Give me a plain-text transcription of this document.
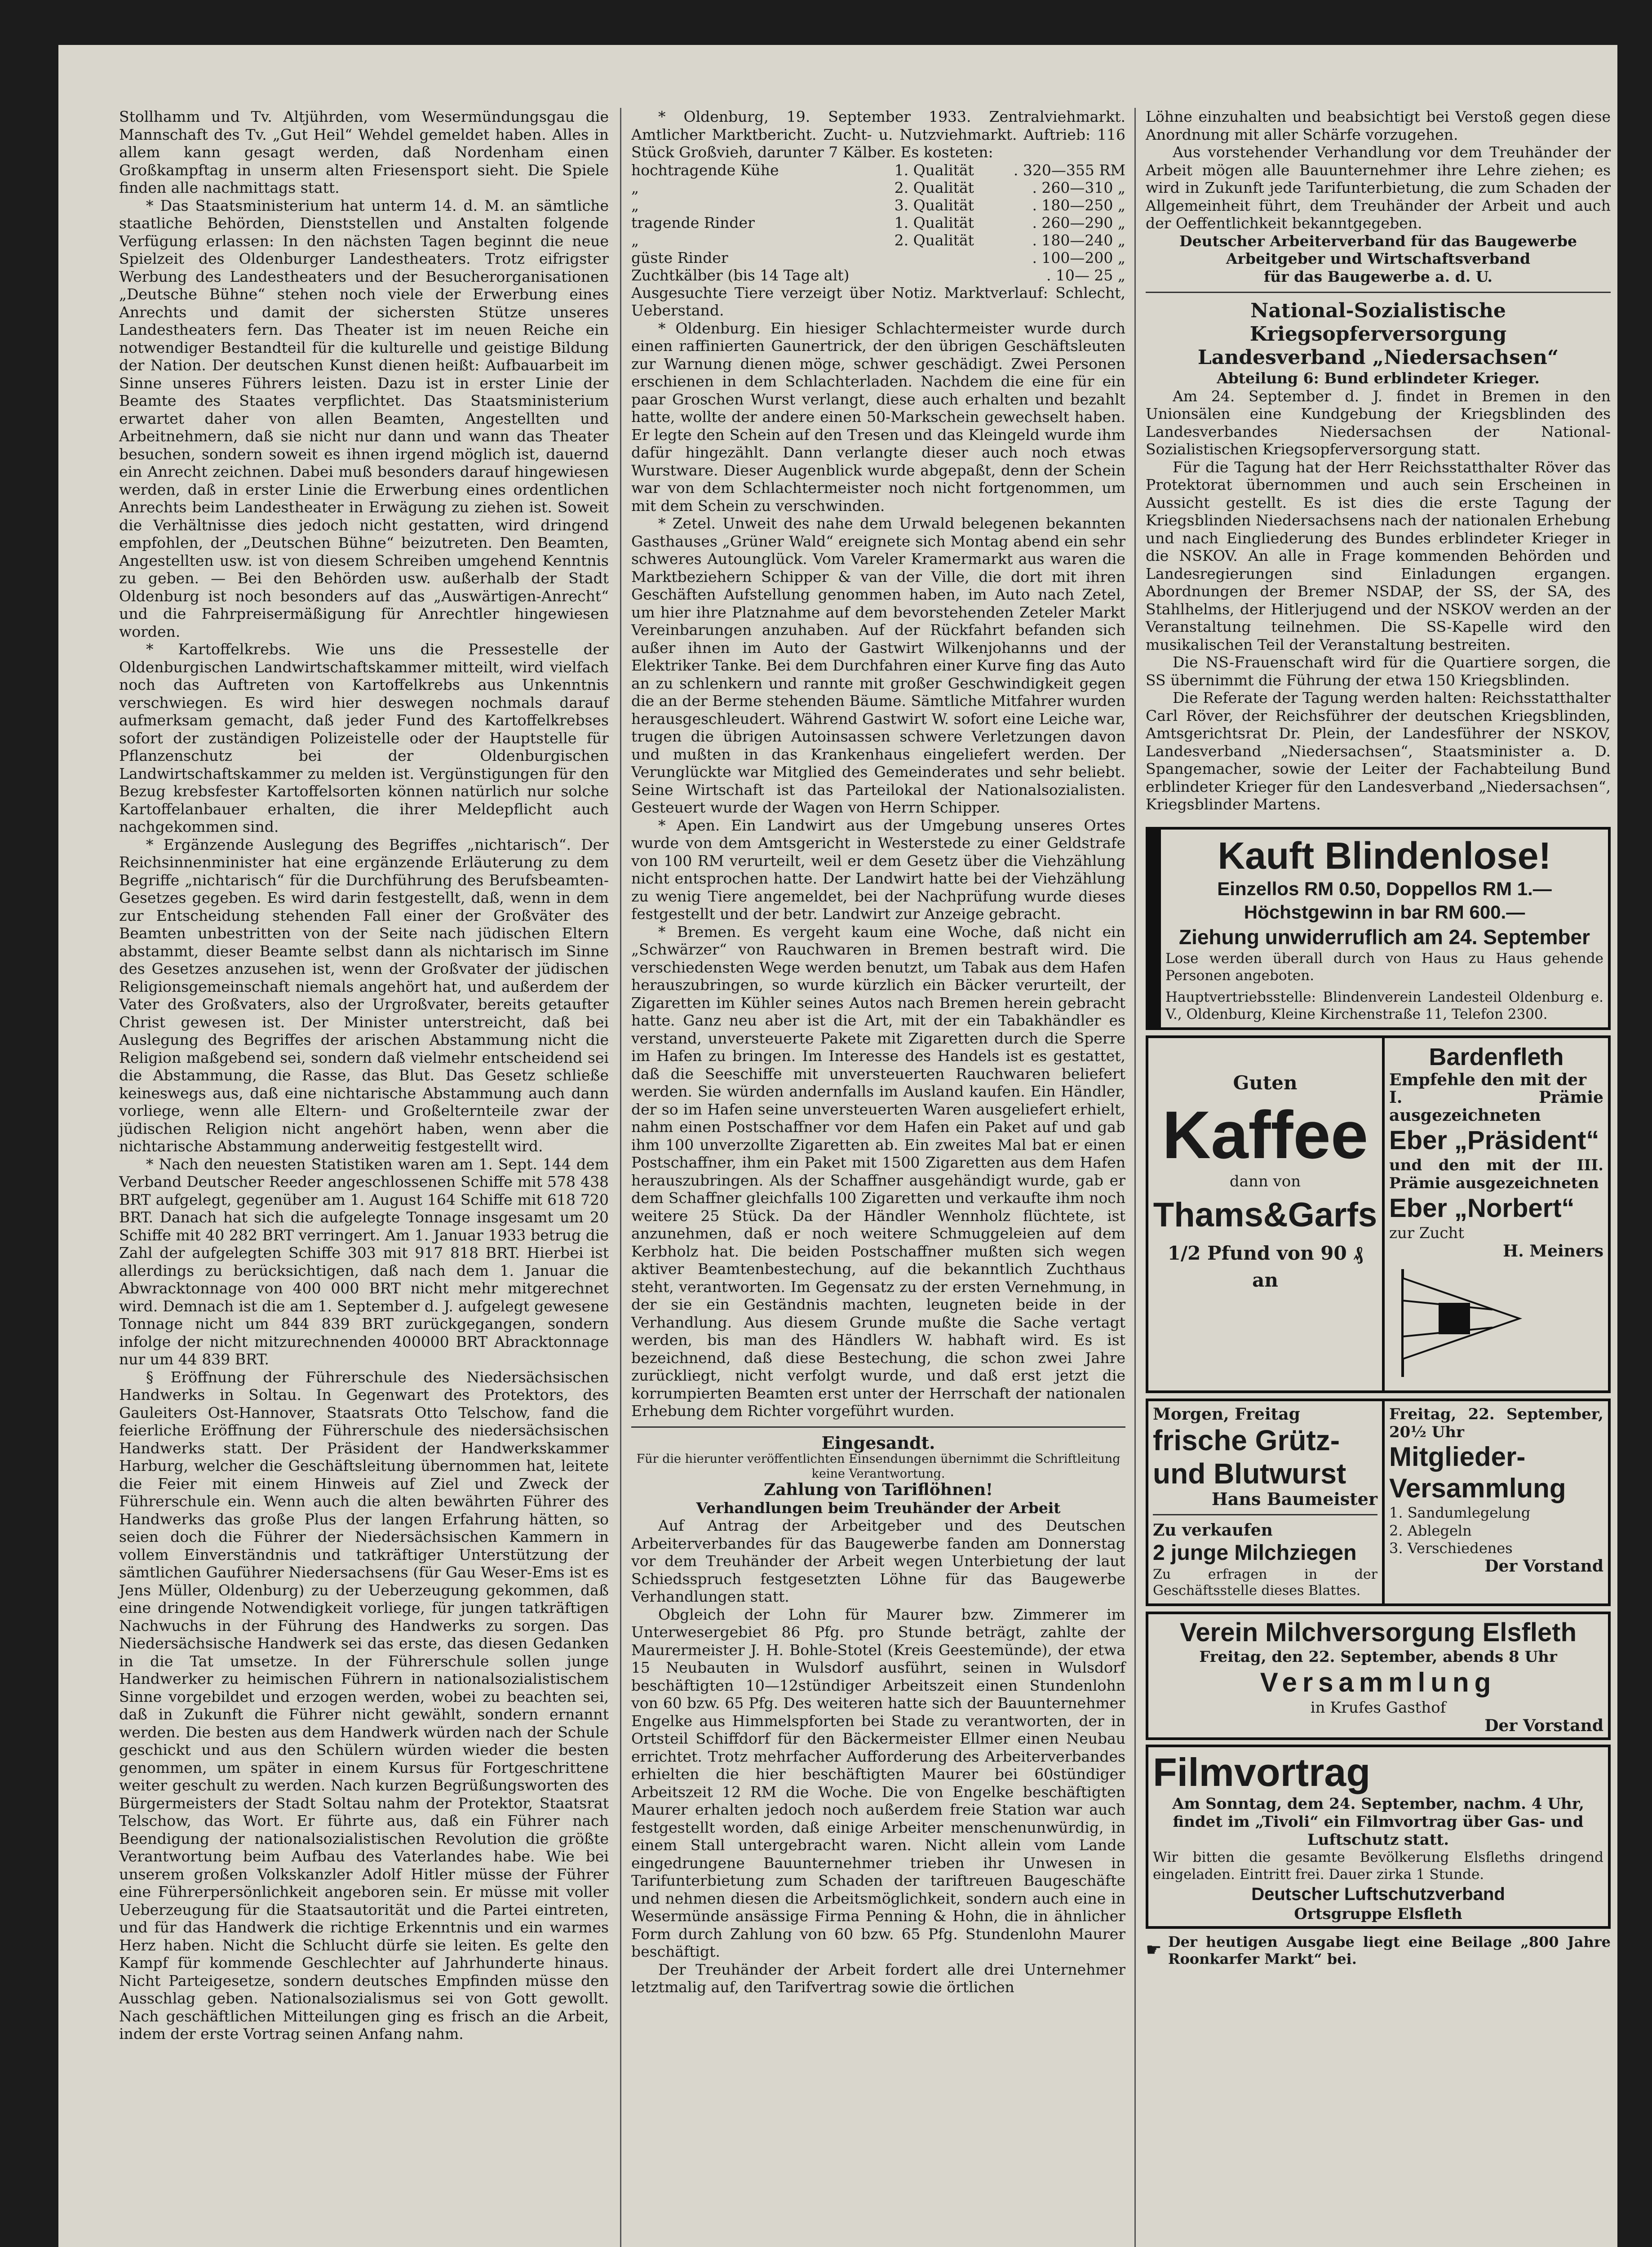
Stollhamm und Tv. Altjührden, vom Wesermündungsgau die Mannschaft des Tv. „Gut Heil“ Wehdel gemeldet haben. Alles in allem kann gesagt werden, daß Nordenham einen Großkampftag in unserm alten Friesensport sieht. Die Spiele finden alle nachmittags statt.

* Das Staatsministerium hat unterm 14. d. M. an sämtliche staatliche Behörden, Dienststellen und Anstalten folgende Verfügung erlassen: In den nächsten Tagen beginnt die neue Spielzeit des Oldenburger Landestheaters. Trotz eifrigster Werbung des Landestheaters und der Besucherorganisationen „Deutsche Bühne“ stehen noch viele der Erwerbung eines Anrechts und damit der sichersten Stütze unseres Landestheaters fern. Das Theater ist im neuen Reiche ein notwendiger Bestandteil für die kulturelle und geistige Bildung der Nation. Der deutschen Kunst dienen heißt: Aufbauarbeit im Sinne unseres Führers leisten. Dazu ist in erster Linie der Beamte des Staates verpflichtet. Das Staatsministerium erwartet daher von allen Beamten, Angestellten und Arbeitnehmern, daß sie nicht nur dann und wann das Theater besuchen, sondern soweit es ihnen irgend möglich ist, dauernd ein Anrecht zeichnen. Dabei muß besonders darauf hingewiesen werden, daß in erster Linie die Erwerbung eines ordentlichen Anrechts beim Landestheater in Erwägung zu ziehen ist. Soweit die Verhältnisse dies jedoch nicht gestatten, wird dringend empfohlen, der „Deutschen Bühne“ beizutreten. Den Beamten, Angestellten usw. ist von diesem Schreiben umgehend Kenntnis zu geben. — Bei den Behörden usw. außerhalb der Stadt Oldenburg ist noch besonders auf das „Auswärtigen-Anrecht“ und die Fahrpreisermäßigung für Anrechtler hingewiesen worden.

* Kartoffelkrebs. Wie uns die Pressestelle der Oldenburgischen Landwirtschaftskammer mitteilt, wird vielfach noch das Auftreten von Kartoffelkrebs aus Unkenntnis verschwiegen. Es wird hier deswegen nochmals darauf aufmerksam gemacht, daß jeder Fund des Kartoffelkrebses sofort der zuständigen Polizeistelle oder der Hauptstelle für Pflanzenschutz bei der Oldenburgischen Landwirtschaftskammer zu melden ist. Vergünstigungen für den Bezug krebsfester Kartoffelsorten können natürlich nur solche Kartoffelanbauer erhalten, die ihrer Meldepflicht auch nachgekommen sind.

* Ergänzende Auslegung des Begriffes „nichtarisch“. Der Reichsinnenminister hat eine ergänzende Erläuterung zu dem Begriffe „nichtarisch“ für die Durchführung des Berufsbeamten-Gesetzes gegeben. Es wird darin festgestellt, daß, wenn in dem zur Entscheidung stehenden Fall einer der Großväter des Beamten unbestritten von der Seite nach jüdischen Eltern abstammt, dieser Beamte selbst dann als nichtarisch im Sinne des Gesetzes anzusehen ist, wenn der Großvater der jüdischen Religionsgemeinschaft niemals angehört hat, und außerdem der Vater des Großvaters, also der Urgroßvater, bereits getaufter Christ gewesen ist. Der Minister unterstreicht, daß bei Auslegung des Begriffes der arischen Abstammung nicht die Religion maßgebend sei, sondern daß vielmehr entscheidend sei die Abstammung, die Rasse, das Blut. Das Gesetz schließe keineswegs aus, daß eine nichtarische Abstammung auch dann vorliege, wenn alle Eltern- und Großelternteile zwar der jüdischen Religion nicht angehört haben, wenn aber die nichtarische Abstammung anderweitig festgestellt wird.

* Nach den neuesten Statistiken waren am 1. Sept. 144 dem Verband Deutscher Reeder angeschlossenen Schiffe mit 578 438 BRT aufgelegt, gegenüber am 1. August 164 Schiffe mit 618 720 BRT. Danach hat sich die aufgelegte Tonnage insgesamt um 20 Schiffe mit 40 282 BRT verringert. Am 1. Januar 1933 betrug die Zahl der aufgelegten Schiffe 303 mit 917 818 BRT. Hierbei ist allerdings zu berücksichtigen, daß nach dem 1. Januar die Abwracktonnage von 400 000 BRT nicht mehr mitgerechnet wird. Demnach ist die am 1. September d. J. aufgelegt gewesene Tonnage nicht um 844 839 BRT zurückgegangen, sondern infolge der nicht mitzurechnenden 400000 BRT Abracktonnage nur um 44 839 BRT.

§ Eröffnung der Führerschule des Niedersächsischen Handwerks in Soltau. In Gegenwart des Protektors, des Gauleiters Ost-Hannover, Staatsrats Otto Telschow, fand die feierliche Eröffnung der Führerschule des niedersächsischen Handwerks statt. Der Präsident der Handwerkskammer Harburg, welcher die Geschäftsleitung übernommen hat, leitete die Feier mit einem Hinweis auf Ziel und Zweck der Führerschule ein. Wenn auch die alten bewährten Führer des Handwerks das große Plus der langen Erfahrung hätten, so seien doch die Führer der Niedersächsischen Kammern in vollem Einverständnis und tatkräftiger Unterstützung der sämtlichen Gauführer Niedersachsens (für Gau Weser-Ems ist es Jens Müller, Oldenburg) zu der Ueberzeugung gekommen, daß eine dringende Notwendigkeit vorliege, für jungen tatkräftigen Nachwuchs in der Führung des Handwerks zu sorgen. Das Niedersächsische Handwerk sei das erste, das diesen Gedanken in die Tat umsetze. In der Führerschule sollen junge Handwerker zu heimischen Führern in nationalsozialistischem Sinne vorgebildet und erzogen werden, wobei zu beachten sei, daß in Zukunft die Führer nicht gewählt, sondern ernannt werden. Die besten aus dem Handwerk würden nach der Schule geschickt und aus den Schülern würden wieder die besten genommen, um später in einem Kursus für Fortgeschrittene weiter geschult zu werden. Nach kurzen Begrüßungsworten des Bürgermeisters der Stadt Soltau nahm der Protektor, Staatsrat Telschow, das Wort. Er führte aus, daß ein Führer nach Beendigung der nationalsozialistischen Revolution die größte Verantwortung beim Aufbau des Vaterlandes habe. Wie bei unserem großen Volkskanzler Adolf Hitler müsse der Führer eine Führerpersönlichkeit angeboren sein. Er müsse mit voller Ueberzeugung für die Staatsautorität und die Partei eintreten, und für das Handwerk die richtige Erkenntnis und ein warmes Herz haben. Nicht die Schlucht dürfe sie leiten. Es gelte den Kampf für kommende Geschlechter auf Jahrhunderte hinaus. Nicht Parteigesetze, sondern deutsches Empfinden müsse den Ausschlag geben. Nationalsozialismus sei von Gott gewollt. Nach geschäftlichen Mitteilungen ging es frisch an die Arbeit, indem der erste Vortrag seinen Anfang nahm.

* Oldenburg, 19. September 1933. Zentralviehmarkt. Amtlicher Marktbericht. Zucht- u. Nutzviehmarkt. Auftrieb: 116 Stück Großvieh, darunter 7 Kälber. Es kosteten:

hochtragende Kühe	1. Qualität	. 320—355 RM
„	2. Qualität	. 260—310 „
„	3. Qualität	. 180—250 „
tragende Rinder	1. Qualität	. 260—290 „
„	2. Qualität	. 180—240 „
güste Rinder		. 100—200 „
Zuchtkälber (bis 14 Tage alt)		. 10— 25 „

Ausgesuchte Tiere verzeigt über Notiz. Marktverlauf: Schlecht, Ueberstand.

* Oldenburg. Ein hiesiger Schlachtermeister wurde durch einen raffinierten Gaunertrick, der den übrigen Geschäftsleuten zur Warnung dienen möge, schwer geschädigt. Zwei Personen erschienen in dem Schlachterladen. Nachdem die eine für ein paar Groschen Wurst verlangt, diese auch erhalten und bezahlt hatte, wollte der andere einen 50-Markschein gewechselt haben. Er legte den Schein auf den Tresen und das Kleingeld wurde ihm dafür hingezählt. Dann verlangte dieser auch noch etwas Wurstware. Dieser Augenblick wurde abgepaßt, denn der Schein war von dem Schlachtermeister noch nicht fortgenommen, um mit dem Schein zu verschwinden.

* Zetel. Unweit des nahe dem Urwald belegenen bekannten Gasthauses „Grüner Wald“ ereignete sich Montag abend ein sehr schweres Autounglück. Vom Vareler Kramermarkt aus waren die Marktbeziehern Schipper & van der Ville, die dort mit ihren Geschäften Aufstellung genommen haben, im Auto nach Zetel, um hier ihre Platznahme auf dem bevorstehenden Zeteler Markt Vereinbarungen anzuhaben. Auf der Rückfahrt befanden sich außer ihnen im Auto der Gastwirt Wilkenjohanns und der Elektriker Tanke. Bei dem Durchfahren einer Kurve fing das Auto an zu schlenkern und rannte mit großer Geschwindigkeit gegen die an der Berme stehenden Bäume. Sämtliche Mitfahrer wurden herausgeschleudert. Während Gastwirt W. sofort eine Leiche war, trugen die übrigen Autoinsassen schwere Verletzungen davon und mußten in das Krankenhaus eingeliefert werden. Der Verunglückte war Mitglied des Gemeinderates und sehr beliebt. Seine Wirtschaft ist das Parteilokal der Nationalsozialisten. Gesteuert wurde der Wagen von Herrn Schipper.

* Apen. Ein Landwirt aus der Umgebung unseres Ortes wurde von dem Amtsgericht in Westerstede zu einer Geldstrafe von 100 RM verurteilt, weil er dem Gesetz über die Viehzählung nicht entsprochen hatte. Der Landwirt hatte bei der Viehzählung zu wenig Tiere angemeldet, bei der Nachprüfung wurde dieses festgestellt und der betr. Landwirt zur Anzeige gebracht.

* Bremen. Es vergeht kaum eine Woche, daß nicht ein „Schwärzer“ von Rauchwaren in Bremen bestraft wird. Die verschiedensten Wege werden benutzt, um Tabak aus dem Hafen herauszubringen, so wurde kürzlich ein Bäcker verurteilt, der Zigaretten im Kühler seines Autos nach Bremen herein gebracht hatte. Ganz neu aber ist die Art, mit der ein Tabakhändler es verstand, unversteuerte Pakete mit Zigaretten durch die Sperre im Hafen zu bringen. Im Interesse des Handels ist es gestattet, daß die Seeschiffe mit unversteuerten Rauchwaren beliefert werden. Sie würden andernfalls im Ausland kaufen. Ein Händler, der so im Hafen seine unversteuerten Waren ausgeliefert erhielt, nahm einen Postschaffner vor dem Hafen ein Paket auf und gab ihm 100 unverzollte Zigaretten ab. Ein zweites Mal bat er einen Postschaffner, ihm ein Paket mit 1500 Zigaretten aus dem Hafen herauszubringen. Als der Schaffner ausgehändigt wurde, gab er dem Schaffner gleichfalls 100 Zigaretten und verkaufte ihm noch weitere 25 Stück. Da der Händler Wennholz flüchtete, ist anzunehmen, daß er noch weitere Schmuggeleien auf dem Kerbholz hat. Die beiden Postschaffner mußten sich wegen aktiver Beamtenbestechung, auf die bekanntlich Zuchthaus steht, verantworten. Im Gegensatz zu der ersten Vernehmung, in der sie ein Geständnis machten, leugneten beide in der Verhandlung. Aus diesem Grunde mußte die Sache vertagt werden, bis man des Händlers W. habhaft wird. Es ist bezeichnend, daß diese Bestechung, die schon zwei Jahre zurückliegt, nicht verfolgt wurde, und daß erst jetzt die korrumpierten Beamten erst unter der Herrschaft der nationalen Erhebung dem Richter vorgeführt wurden.

Eingesandt.

Für die hierunter veröffentlichten Einsendungen übernimmt die Schriftleitung keine Verantwortung.

Zahlung von Tariflöhnen!

Verhandlungen beim Treuhänder der Arbeit

Auf Antrag der Arbeitgeber und des Deutschen Arbeiterverbandes für das Baugewerbe fanden am Donnerstag vor dem Treuhänder der Arbeit wegen Unterbietung der laut Schiedsspruch festgesetzten Löhne für das Baugewerbe Verhandlungen statt.

Obgleich der Lohn für Maurer bzw. Zimmerer im Unterwesergebiet 86 Pfg. pro Stunde beträgt, zahlte der Maurermeister J. H. Bohle-Stotel (Kreis Geestemünde), der etwa 15 Neubauten in Wulsdorf ausführt, seinen in Wulsdorf beschäftigten 10—12stündiger Arbeitszeit einen Stundenlohn von 60 bzw. 65 Pfg. Des weiteren hatte sich der Bauunternehmer Engelke aus Himmelspforten bei Stade zu verantworten, der in Ortsteil Schiffdorf für den Bäckermeister Ellmer einen Neubau errichtet. Trotz mehrfacher Aufforderung des Arbeiterverbandes erhielten die hier beschäftigten Maurer bei 60stündiger Arbeitszeit 12 RM die Woche. Die von Engelke beschäftigten Maurer erhalten jedoch noch außerdem freie Station war auch festgestellt worden, daß einige Arbeiter menschenunwürdig, in einem Stall untergebracht waren. Nicht allein vom Lande eingedrungene Bauunternehmer trieben ihr Unwesen in Tarifunterbietung zum Schaden der tariftreuen Baugeschäfte und nehmen diesen die Arbeitsmöglichkeit, sondern auch eine in Wesermünde ansässige Firma Penning & Hohn, die in ähnlicher Form durch Zahlung von 60 bzw. 65 Pfg. Stundenlohn Maurer beschäftigt.

Der Treuhänder der Arbeit fordert alle drei Unternehmer letztmalig auf, den Tarifvertrag sowie die örtlichen

Löhne einzuhalten und beabsichtigt bei Verstoß gegen diese Anordnung mit aller Schärfe vorzugehen.

Aus vorstehender Verhandlung vor dem Treuhänder der Arbeit mögen alle Bauunternehmer ihre Lehre ziehen; es wird in Zukunft jede Tarifunterbietung, die zum Schaden der Allgemeinheit führt, dem Treuhänder der Arbeit und auch der Oeffentlichkeit bekanntgegeben.

Deutscher Arbeiterverband für das Baugewerbe

Arbeitgeber und Wirtschaftsverband

für das Baugewerbe a. d. U.

National-Sozialistische Kriegsopferversorgung

Landesverband „Niedersachsen“

Abteilung 6: Bund erblindeter Krieger.

Am 24. September d. J. findet in Bremen in den Unionsälen eine Kundgebung der Kriegsblinden des Landesverbandes Niedersachsen der National-Sozialistischen Kriegsopferversorgung statt.

Für die Tagung hat der Herr Reichsstatthalter Röver das Protektorat übernommen und auch sein Erscheinen in Aussicht gestellt. Es ist dies die erste Tagung der Kriegsblinden Niedersachsens nach der nationalen Erhebung und nach Eingliederung des Bundes erblindeter Krieger in die NSKOV. An alle in Frage kommenden Behörden und Landesregierungen sind Einladungen ergangen. Abordnungen der Bremer NSDAP, der SS, der SA, des Stahlhelms, der Hitlerjugend und der NSKOV werden an der Veranstaltung teilnehmen. Die SS-Kapelle wird den musikalischen Teil der Veranstaltung bestreiten.

Die NS-Frauenschaft wird für die Quartiere sorgen, die SS übernimmt die Führung der etwa 150 Kriegsblinden.

Die Referate der Tagung werden halten: Reichsstatthalter Carl Röver, der Reichsführer der deutschen Kriegsblinden, Amtsgerichtsrat Dr. Plein, der Landesführer der NSKOV, Landesverband „Niedersachsen“, Staatsminister a. D. Spangemacher, sowie der Leiter der Fachabteilung Bund erblindeter Krieger für den Landesverband „Niedersachsen“, Kriegsblinder Martens.

Kauft Blindenlose!
Einzellos RM 0.50, Doppellos RM 1.—
Höchstgewinn in bar RM 600.—
Ziehung unwiderruflich am 24. September
Lose werden überall durch von Haus zu Haus gehende Personen angeboten.
Hauptvertriebsstelle: Blindenverein Landesteil Oldenburg e. V., Oldenburg, Kleine Kirchenstraße 11, Telefon 2300.
Guten
Kaffee
dann von
Thams&Garfs
1/2 Pfund von 90 ₰ an
Bardenfleth
Empfehle den mit der
I. Prämie ausgezeichneten
Eber „Präsident“
und den mit der III. Prämie ausgezeichneten
Eber „Norbert“
zur Zucht
H. Meiners
Morgen, Freitag
frische Grütz-
und Blutwurst
Hans Baumeister
Zu verkaufen
2 junge Milchziegen
Zu erfragen in der Geschäftsstelle dieses Blattes.
Freitag, 22. September, 20½ Uhr
Mitglieder-
Versammlung
1. Sandumlegelung
2. Ablegeln
3. Verschiedenes
Der Vorstand
Verein Milchversorgung Elsfleth
Freitag, den 22. September, abends 8 Uhr
Versammlung
in Krufes Gasthof
Der Vorstand
Filmvortrag
Am Sonntag, dem 24. September, nachm. 4 Uhr, findet im „Tivoli“ ein Filmvortrag über Gas- und Luftschutz statt.
Wir bitten die gesamte Bevölkerung Elsfleths dringend eingeladen. Eintritt frei. Dauer zirka 1 Stunde.
Deutscher Luftschutzverband
Ortsgruppe Elsfleth
☛ Der heutigen Ausgabe liegt eine Beilage „800 Jahre Roonkarfer Markt“ bei.
